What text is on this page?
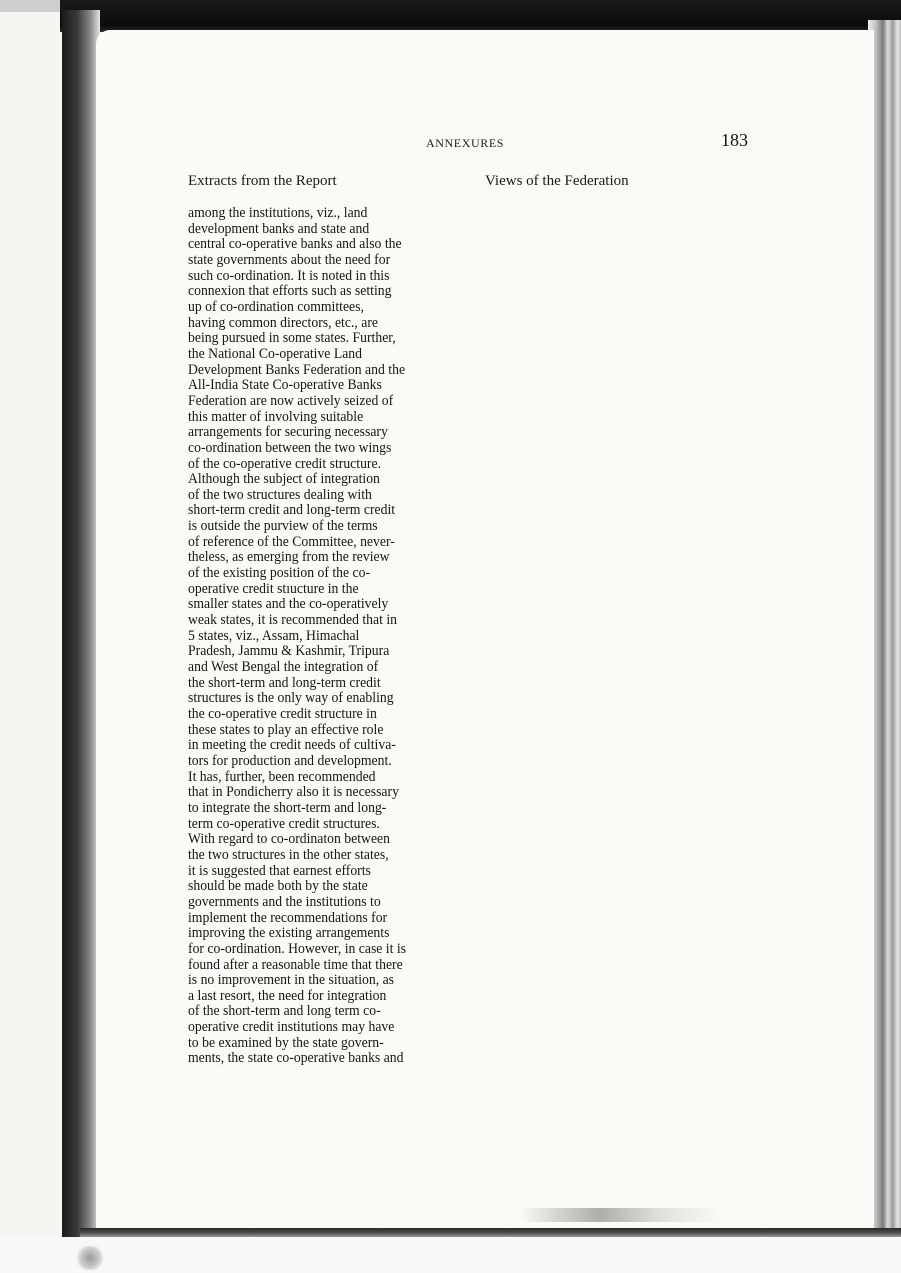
ANNEXURES	183
Extracts from the Report	Views of the Federation
among the institutions, viz., land
development banks and state and
central co-operative banks and also the
state governments about the need for
such co-ordination. It is noted in this
connexion that efforts such as setting
up of co-ordination committees,
having common directors, etc., are
being pursued in some states. Further,
the National Co-operative Land
Development Banks Federation and the
All-India State Co-operative Banks
Federation are now actively seized of
this matter of involving suitable
arrangements for securing necessary
co-ordination between the two wings
of the co-operative credit structure.
Although the subject of integration
of the two structures dealing with
short-term credit and long-term credit
is outside the purview of the terms
of reference of the Committee, never-
theless, as emerging from the review
of the existing position of the co-
operative credit stıucture in the
smaller states and the co-operatively
weak states, it is recommended that in
5 states, viz., Assam, Himachal
Pradesh, Jammu & Kashmir, Tripura
and West Bengal the integration of
the short-term and long-term credit
structures is the only way of enabling
the co-operative credit structure in
these states to play an effective role
in meeting the credit needs of cultiva-
tors for production and development.
It has, further, been recommended
that in Pondicherry also it is necessary
to integrate the short-term and long-
term co-operative credit structures.
With regard to co-ordinaton between
the two structures in the other states,
it is suggested that earnest efforts
should be made both by the state
governments and the institutions to
implement the recommendations for
improving the existing arrangements
for co-ordination. However, in case it is
found after a reasonable time that there
is no improvement in the situation, as
a last resort, the need for integration
of the short-term and long term co-
operative credit institutions may have
to be examined by the state govern-
ments, the state co-operative banks and
